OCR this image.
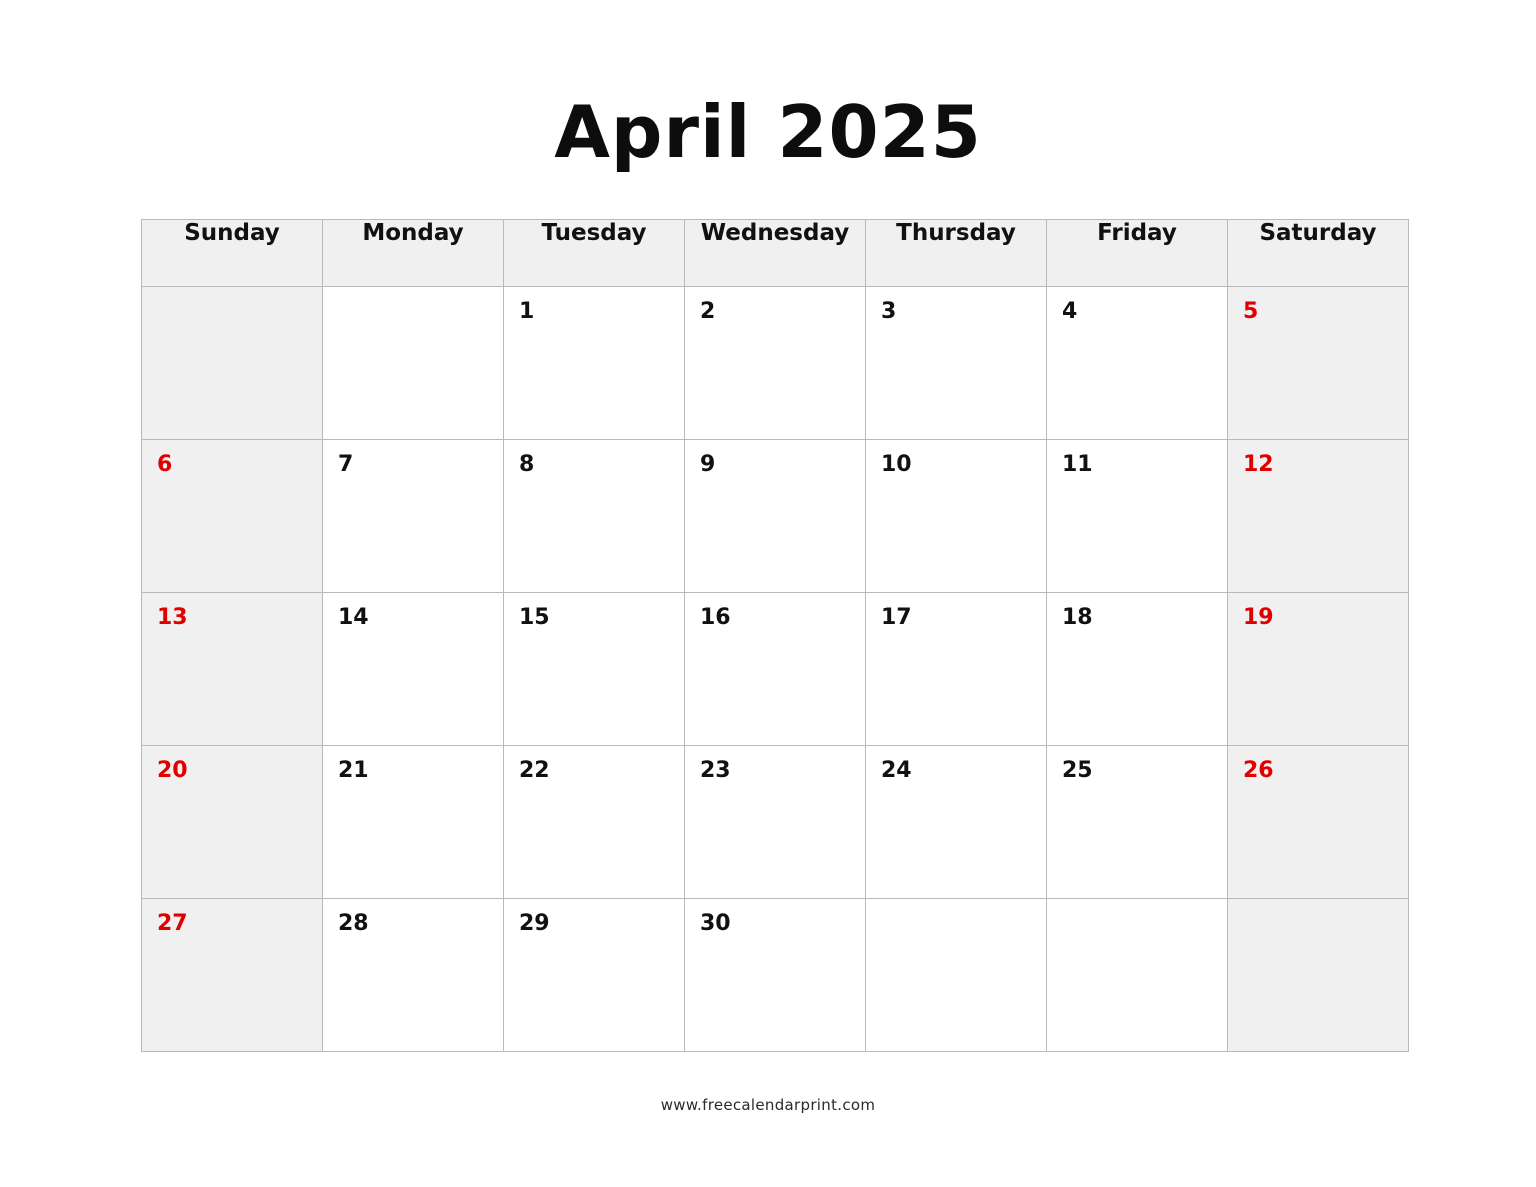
April 2025
Sunday	Monday	Tuesday	Wednesday	Thursday	Friday	Saturday

		1	2	3	4	5

6	7	8	9	10	11	12

13	14	15	16	17	18	19

20	21	22	23	24	25	26

27	28	29	30			

www.freecalendarprint.com
